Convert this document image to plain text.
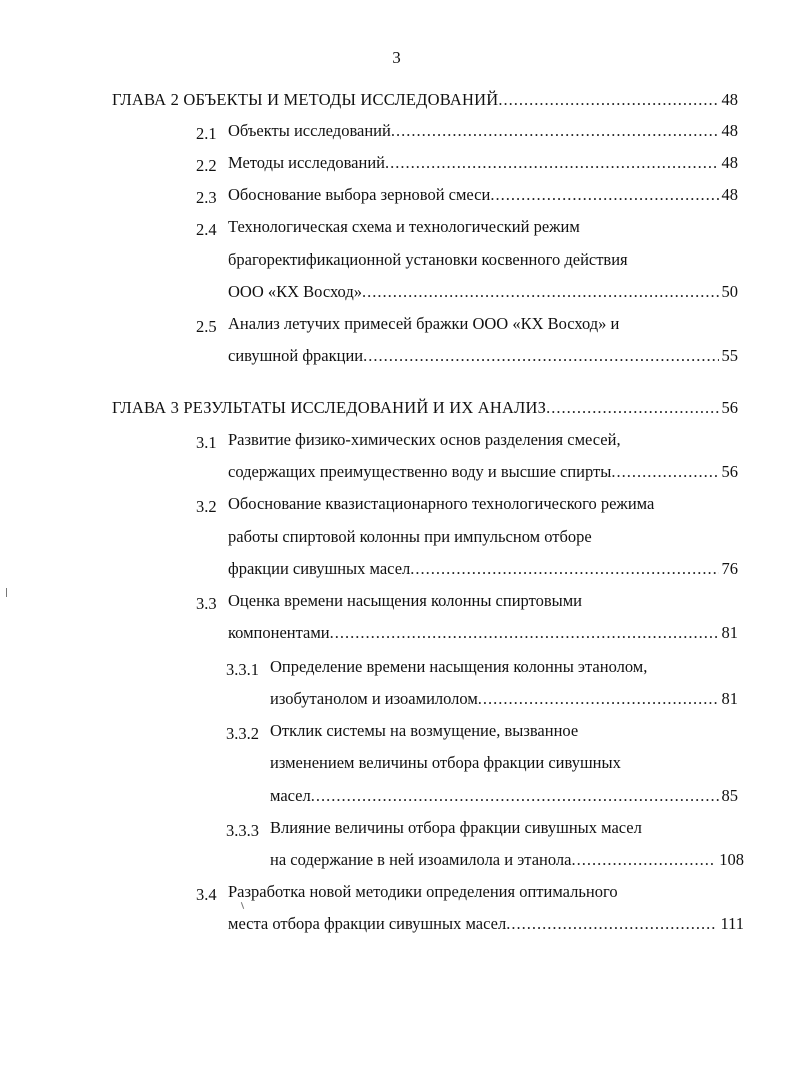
3
ГЛАВА 2 ОБЪЕКТЫ И МЕТОДЫ ИССЛЕДОВАНИЙ .....	48
2.1 Объекты исследований .....	48
2.2 Методы исследований .....	48
2.3 Обоснование выбора зерновой смеси .....	48
2.4 Технологическая схема и технологический режим
брагоректификационной установки косвенного действия
ООО «КХ Восход» .....	50
2.5 Анализ летучих примесей бражки ООО «КХ Восход» и
сивушной фракции .....	55
ГЛАВА 3 РЕЗУЛЬТАТЫ ИССЛЕДОВАНИЙ И ИХ АНАЛИЗ .....	56
3.1 Развитие физико-химических основ разделения смесей,
содержащих преимущественно воду и высшие спирты .....	56
3.2 Обоснование квазистационарного технологического режима
работы спиртовой колонны при импульсном отборе
фракции сивушных масел .....	76
3.3 Оценка времени насыщения колонны спиртовыми
компонентами .....	81
3.3.1 Определение времени насыщения колонны этанолом,
изобутанолом и изоамилолом .....	81
3.3.2 Отклик системы на возмущение, вызванное
изменением величины отбора фракции сивушных
масел .....	85
3.3.3 Влияние величины отбора фракции сивушных масел
на содержание в ней изоамилола и этанола .....	108
3.4 Разработка новой методики определения оптимального
места отбора фракции сивушных масел .....	111
